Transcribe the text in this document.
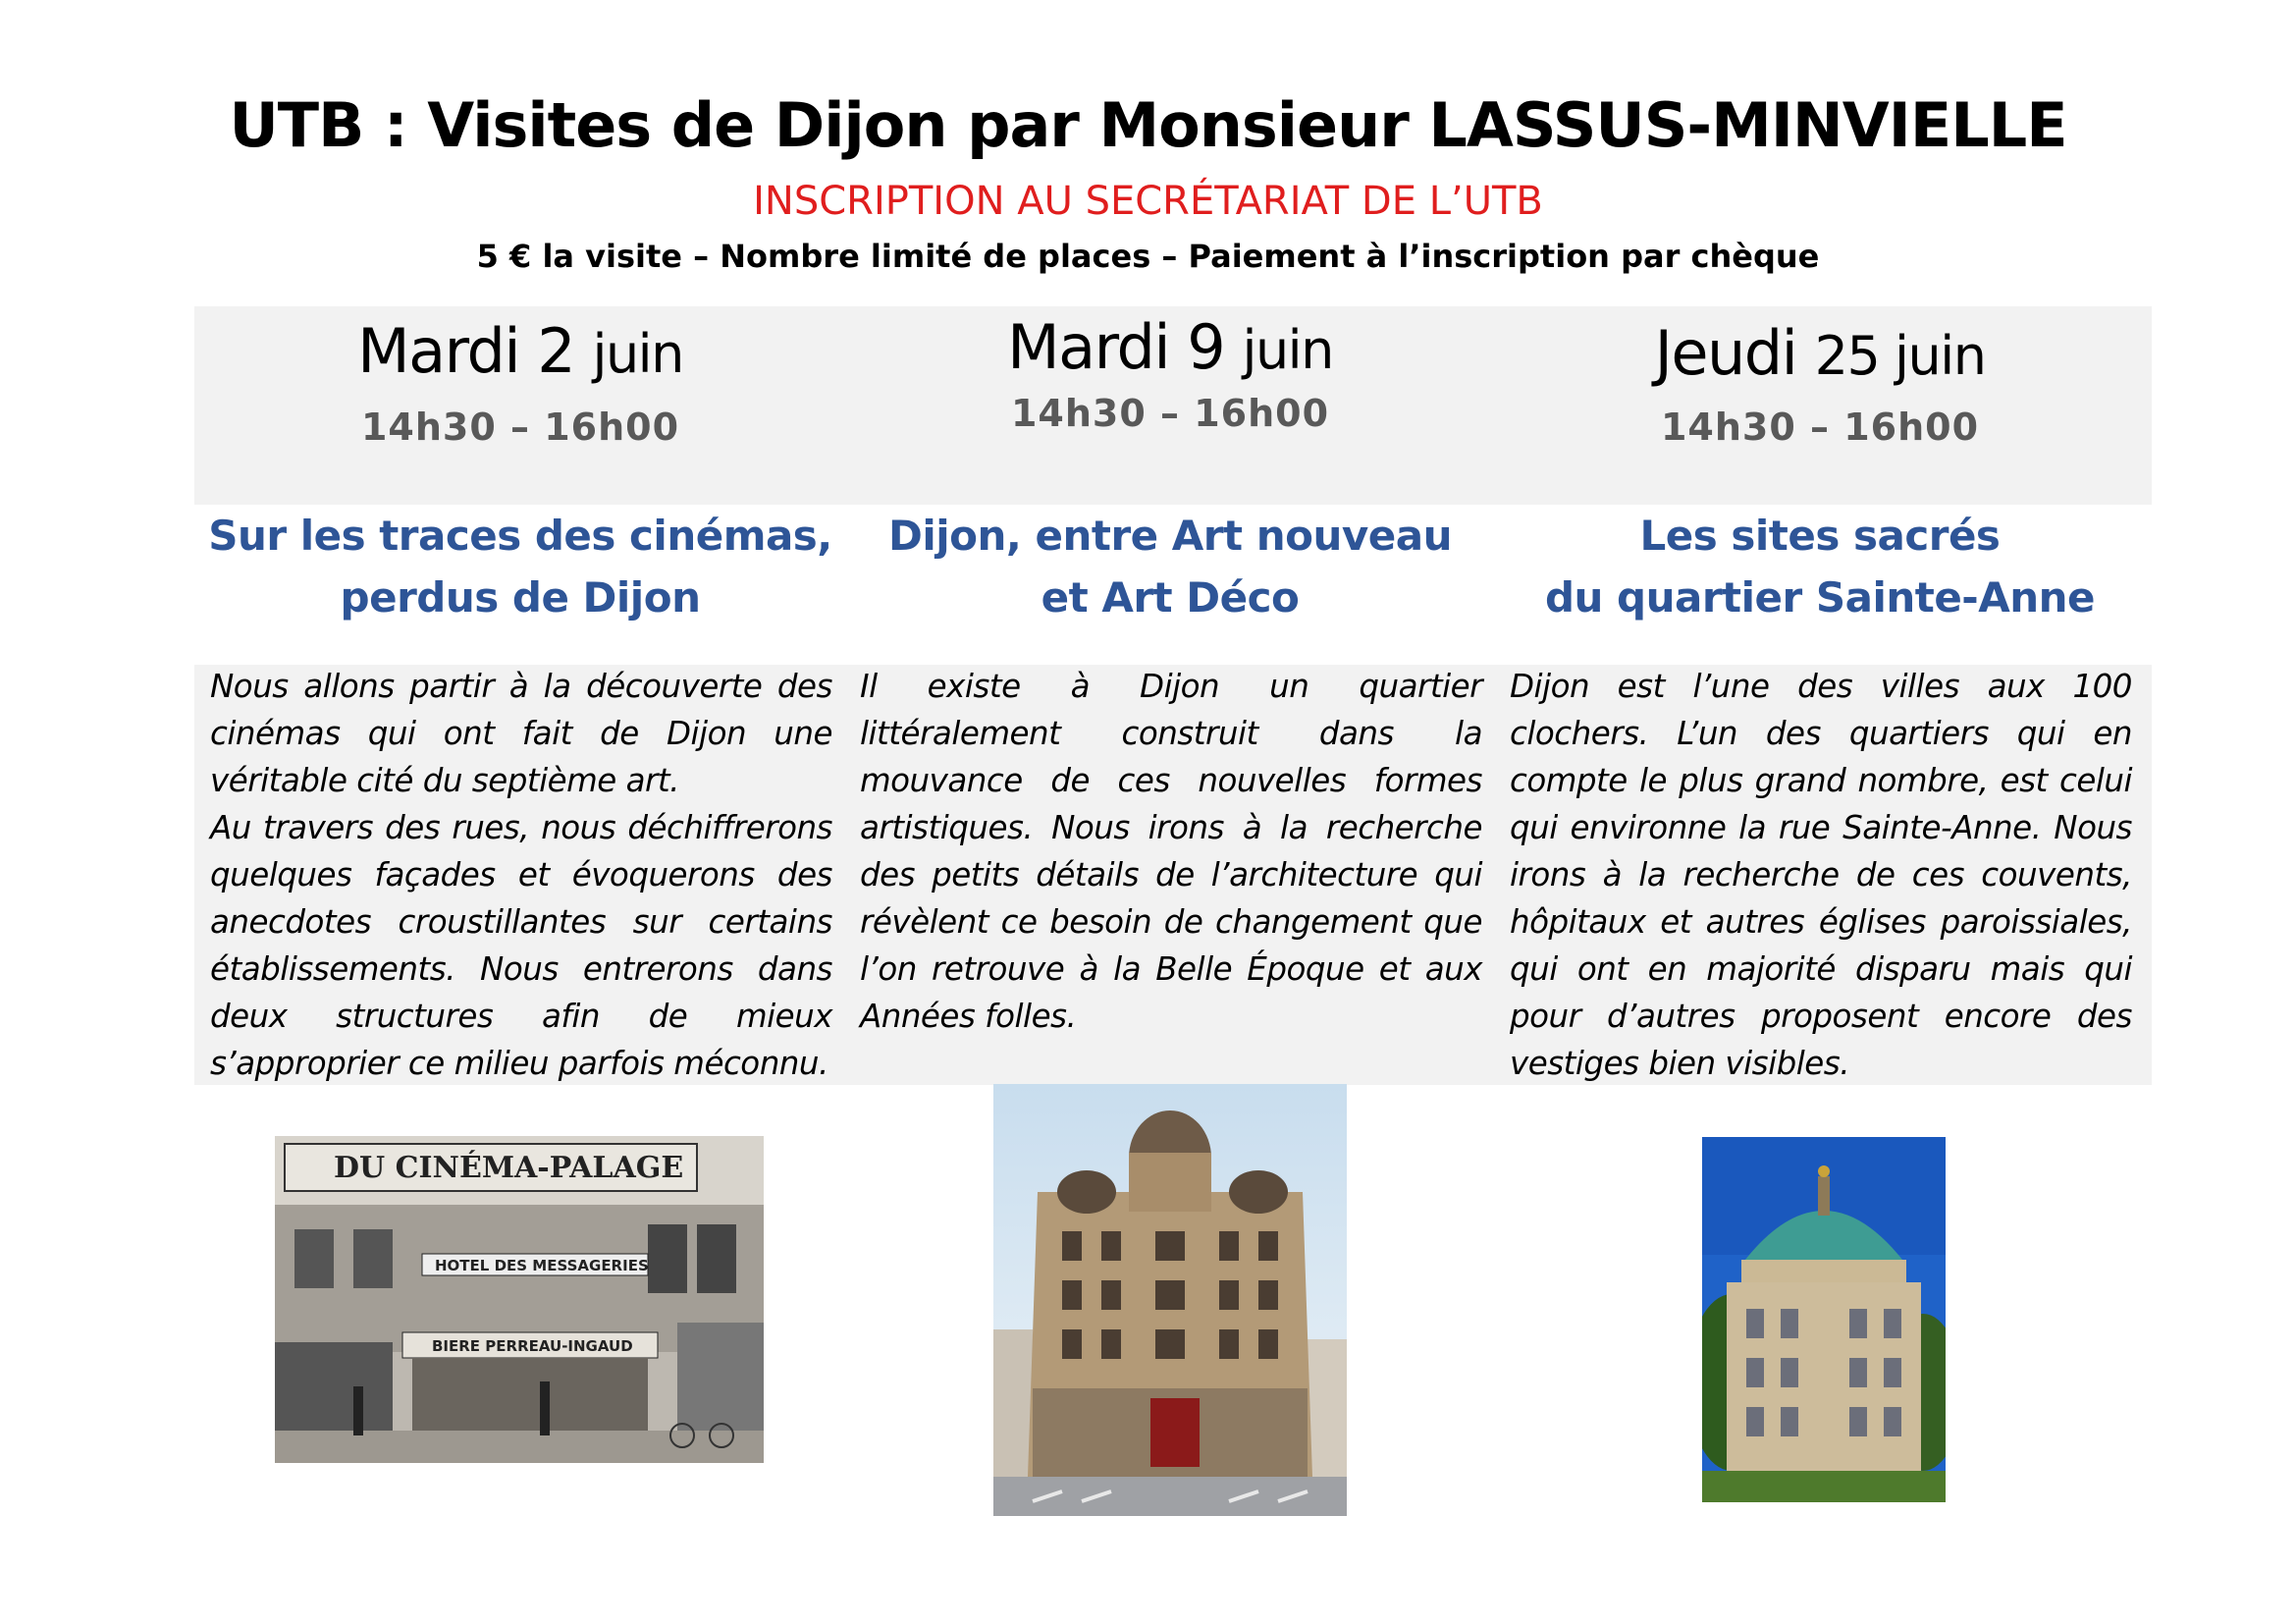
UTB : Visites de Dijon par Monsieur LASSUS-MINVIELLE
INSCRIPTION AU SECRÉTARIAT DE L’UTB
5 € la visite – Nombre limité de places – Paiement à l’inscription par chèque
Mardi 2 juin
14h30 – 16h00
Sur les traces des cinémas,
perdus de Dijon

Nous allons partir à la découverte des cinémas qui ont fait de Dijon une véritable cité du septième art.

Au travers des rues, nous déchiffrerons quelques façades et évoquerons des anecdotes croustillantes sur certains établissements. Nous entrerons dans deux structures afin de mieux s’approprier ce milieu parfois méconnu.

Mardi 9 juin
14h30 – 16h00
Dijon, entre Art nouveau
et Art Déco

Il existe à Dijon un quartier littéralement construit dans la mouvance de ces nouvelles formes artistiques. Nous irons à la recherche des petits détails de l’architecture qui révèlent ce besoin de changement que l’on retrouve à la Belle Époque et aux Années folles.

Jeudi 25 juin
14h30 – 16h00
Les sites sacrés
du quartier Sainte-Anne

Dijon est l’une des villes aux 100 clochers. L’un des quartiers qui en compte le plus grand nombre, est celui qui environne la rue Sainte-Anne. Nous irons à la recherche de ces couvents, hôpitaux et autres églises paroissiales, qui ont en majorité disparu mais qui pour d’autres proposent encore des vestiges bien visibles.

DU CINÉMA-PALAGE
HOTEL DES MESSAGERIES
BIERE PERREAU-INGAUD
